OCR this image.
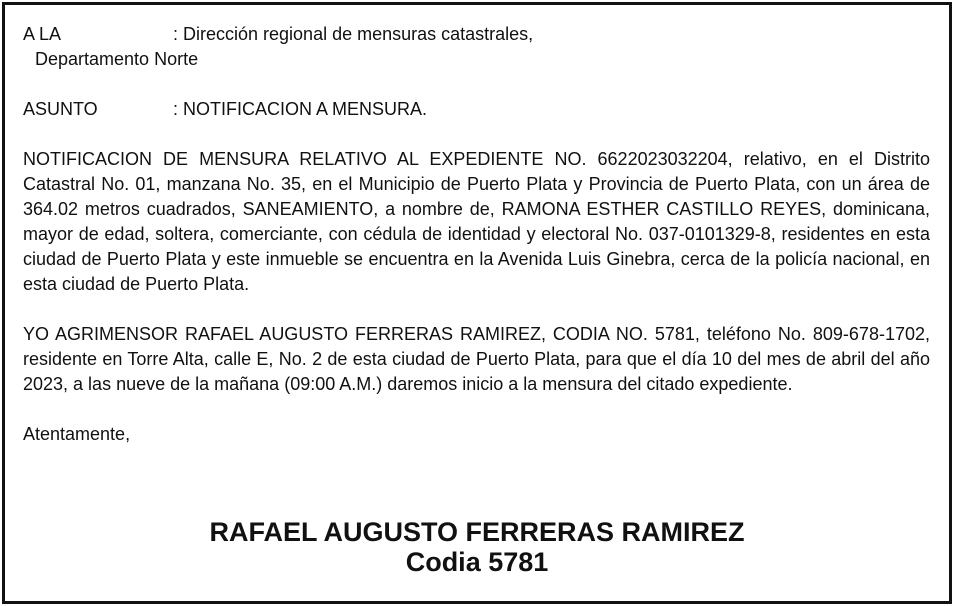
A LA	: Dirección regional de mensuras catastrales,
Departamento Norte
ASUNTO	: NOTIFICACION A MENSURA.
NOTIFICACION DE MENSURA RELATIVO AL EXPEDIENTE NO. 6622023032204, relativo, en el Distrito Catastral No. 01, manzana No. 35, en el Municipio de Puerto Plata y Provincia de Puerto Plata, con un área de 364.02 metros cuadrados, SANEAMIENTO, a nombre de, RAMONA ESTHER CASTILLO REYES, dominicana, mayor de edad, soltera, comerciante, con cédula de identidad y electoral No. 037-0101329-8, residentes en esta ciudad de Puerto Plata y este inmueble se encuentra en la Avenida Luis Ginebra, cerca de la policía nacional, en esta ciudad de Puerto Plata.
YO AGRIMENSOR RAFAEL AUGUSTO FERRERAS RAMIREZ, CODIA NO. 5781, teléfono No. 809-678-1702, residente en Torre Alta, calle E, No. 2 de esta ciudad de Puerto Plata, para que el día 10 del mes de abril del año 2023, a las nueve de la mañana (09:00 A.M.) daremos inicio a la mensura del citado expediente.
Atentamente,
RAFAEL AUGUSTO FERRERAS RAMIREZ
Codia 5781
